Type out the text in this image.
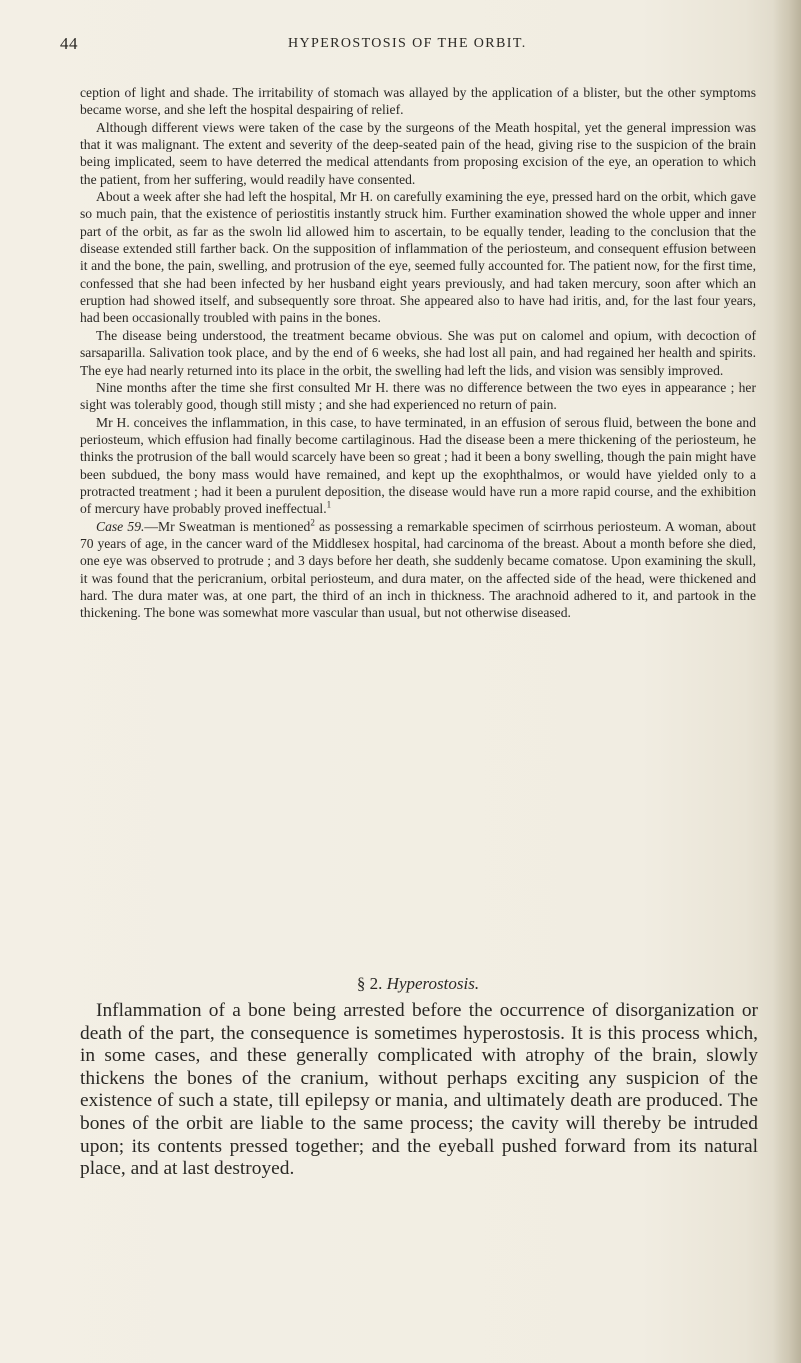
44	HYPEROSTOSIS OF THE ORBIT.

ception of light and shade. The irritability of stomach was allayed by the application of a blister, but the other symptoms became worse, and she left the hospital despairing of relief.

Although different views were taken of the case by the surgeons of the Meath hospital, yet the general impression was that it was malignant. The extent and severity of the deep-seated pain of the head, giving rise to the suspicion of the brain being implicated, seem to have deterred the medical attendants from proposing excision of the eye, an operation to which the patient, from her suffering, would readily have consented.

About a week after she had left the hospital, Mr H. on carefully examining the eye, pressed hard on the orbit, which gave so much pain, that the existence of periostitis instantly struck him. Further examination showed the whole upper and inner part of the orbit, as far as the swoln lid allowed him to ascertain, to be equally tender, leading to the conclusion that the disease extended still farther back. On the supposition of inflammation of the periosteum, and consequent effusion between it and the bone, the pain, swelling, and protrusion of the eye, seemed fully accounted for. The patient now, for the first time, confessed that she had been infected by her husband eight years previously, and had taken mercury, soon after which an eruption had showed itself, and subsequently sore throat. She appeared also to have had iritis, and, for the last four years, had been occasionally troubled with pains in the bones.

The disease being understood, the treatment became obvious. She was put on calomel and opium, with decoction of sarsaparilla. Salivation took place, and by the end of 6 weeks, she had lost all pain, and had regained her health and spirits. The eye had nearly returned into its place in the orbit, the swelling had left the lids, and vision was sensibly improved.

Nine months after the time she first consulted Mr H. there was no difference between the two eyes in appearance ; her sight was tolerably good, though still misty ; and she had experienced no return of pain.

Mr H. conceives the inflammation, in this case, to have terminated, in an effusion of serous fluid, between the bone and periosteum, which effusion had finally become cartilaginous. Had the disease been a mere thickening of the periosteum, he thinks the protrusion of the ball would scarcely have been so great ; had it been a bony swelling, though the pain might have been subdued, the bony mass would have remained, and kept up the exophthalmos, or would have yielded only to a protracted treatment ; had it been a purulent deposition, the disease would have run a more rapid course, and the exhibition of mercury have probably proved ineffectual.$^1$

Case 59.—Mr Sweatman is mentioned$^2$ as possessing a remarkable specimen of scirrhous periosteum. A woman, about 70 years of age, in the cancer ward of the Middlesex hospital, had carcinoma of the breast. About a month before she died, one eye was observed to protrude ; and 3 days before her death, she suddenly became comatose. Upon examining the skull, it was found that the pericranium, orbital periosteum, and dura mater, on the affected side of the head, were thickened and hard. The dura mater was, at one part, the third of an inch in thickness. The arachnoid adhered to it, and partook in the thickening. The bone was somewhat more vascular than usual, but not otherwise diseased.

§ 2. Hyperostosis.

Inflammation of a bone being arrested before the occurrence of disorganization or death of the part, the consequence is sometimes hyperostosis. It is this process which, in some cases, and these generally complicated with atrophy of the brain, slowly thickens the bones of the cranium, without perhaps exciting any suspicion of the existence of such a state, till epilepsy or mania, and ultimately death are produced. The bones of the orbit are liable to the same process; the cavity will thereby be intruded upon; its contents pressed together; and the eyeball pushed forward from its natural place, and at last destroyed.
